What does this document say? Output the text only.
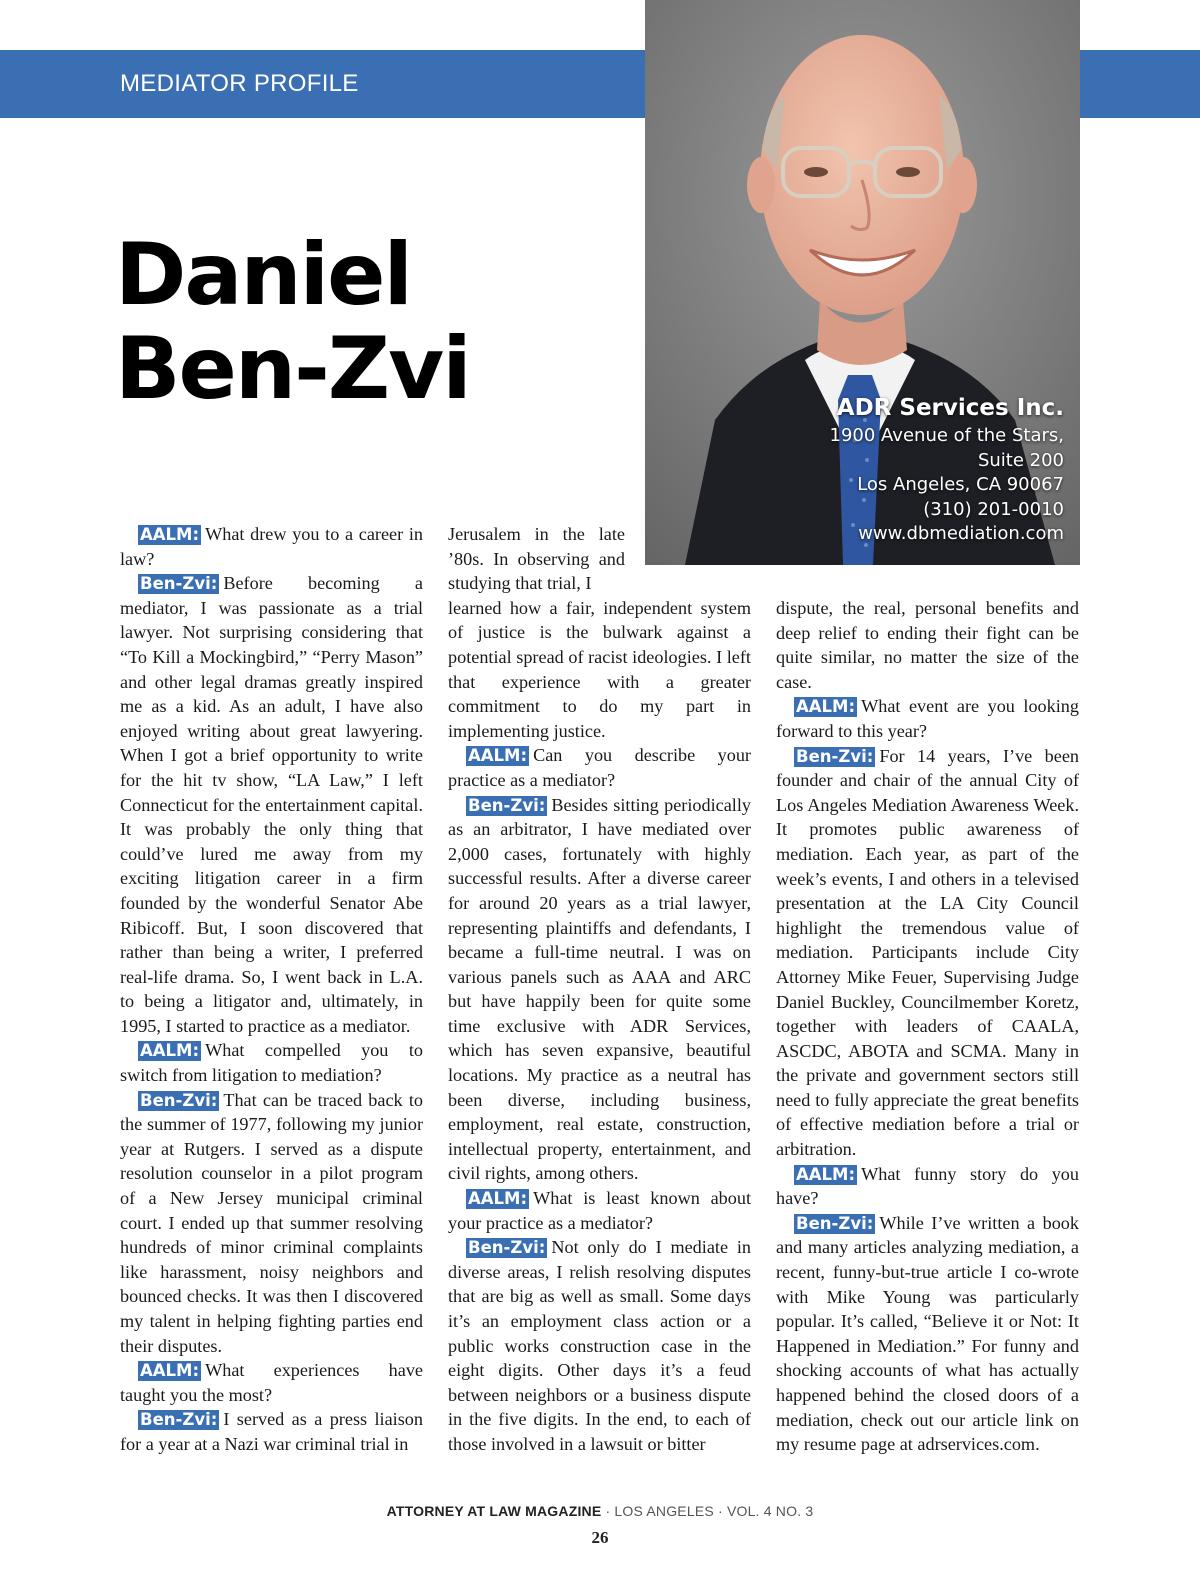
MEDIATOR PROFILE
Daniel
Ben-Zvi	ADR Services Inc.
1900 Avenue of the Stars,
Suite 200
Los Angeles, CA 90067
(310) 201-0010
www.dbmediation.com

AALM: What drew you to a career in law?

Ben-Zvi: Before becoming a mediator, I was passionate as a trial lawyer. Not surprising considering that “To Kill a Mockingbird,” “Perry Mason” and other legal dramas greatly inspired me as a kid. As an adult, I have also enjoyed writing about great lawyering. When I got a brief opportunity to write for the hit tv show, “LA Law,” I left Connecticut for the entertainment capital. It was probably the only thing that could’ve lured me away from my exciting litigation career in a firm founded by the wonderful Senator Abe Ribicoff. But, I soon discovered that rather than being a writer, I preferred real-life drama. So, I went back in L.A. to being a litigator and, ultimately, in 1995, I started to practice as a mediator.

AALM: What compelled you to switch from litigation to mediation?

Ben-Zvi: That can be traced back to the summer of 1977, following my junior year at Rutgers. I served as a dispute resolution counselor in a pilot program of a New Jersey municipal criminal court. I ended up that summer resolving hundreds of minor criminal complaints like harassment, noisy neighbors and bounced checks. It was then I discovered my talent in helping fighting parties end their disputes.

AALM: What experiences have taught you the most?

Ben-Zvi: I served as a press liaison for a year at a Nazi war criminal trial in

Jerusalem in the late ’80s. In observing and studying that trial, I

learned how a fair, independent system of justice is the bulwark against a potential spread of racist ideologies. I left that experience with a greater commitment to do my part in implementing justice.

AALM: Can you describe your practice as a mediator?

Ben-Zvi: Besides sitting periodically as an arbitrator, I have mediated over 2,000 cases, fortunately with highly successful results. After a diverse career for around 20 years as a trial lawyer, representing plaintiffs and defendants, I became a full-time neutral. I was on various panels such as AAA and ARC but have happily been for quite some time exclusive with ADR Services, which has seven expansive, beautiful locations. My practice as a neutral has been diverse, including business, employment, real estate, construction, intellectual property, entertainment, and civil rights, among others.

AALM: What is least known about your practice as a mediator?

Ben-Zvi: Not only do I mediate in diverse areas, I relish resolving disputes that are big as well as small. Some days it’s an employment class action or a public works construction case in the eight digits. Other days it’s a feud between neighbors or a business dispute in the five digits. In the end, to each of those involved in a lawsuit or bitter

dispute, the real, personal benefits and deep relief to ending their fight can be quite similar, no matter the size of the case.

AALM: What event are you looking forward to this year?

Ben-Zvi: For 14 years, I’ve been founder and chair of the annual City of Los Angeles Mediation Awareness Week. It promotes public awareness of mediation. Each year, as part of the week’s events, I and others in a televised presentation at the LA City Council highlight the tremendous value of mediation. Participants include City Attorney Mike Feuer, Supervising Judge Daniel Buckley, Councilmember Koretz, together with leaders of CAALA, ASCDC, ABOTA and SCMA. Many in the private and government sectors still need to fully appreciate the great benefits of effective mediation before a trial or arbitration.

AALM: What funny story do you have?

Ben-Zvi: While I’ve written a book and many articles analyzing mediation, a recent, funny-but-true article I co-wrote with Mike Young was particularly popular. It’s called, “Believe it or Not: It Happened in Mediation.” For funny and shocking accounts of what has actually happened behind the closed doors of a mediation, check out our article link on my resume page at adrservices.com.

ATTORNEY AT LAW MAGAZINE · LOS ANGELES · VOL. 4 NO. 3
26
